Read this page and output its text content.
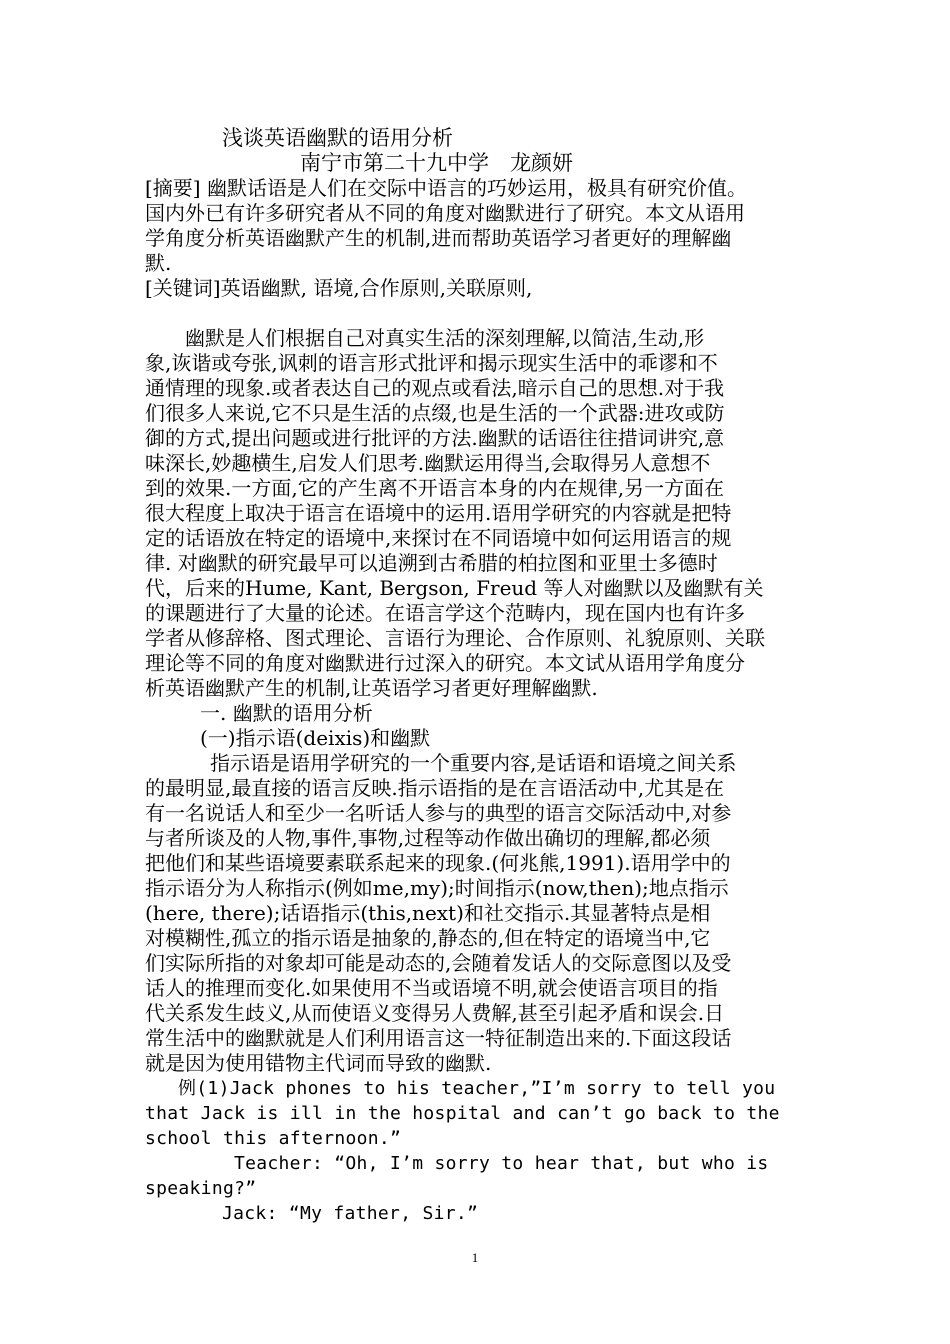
浅谈英语幽默的语用分析
南宁市第二十九中学　龙颜妍
[摘要] 幽默话语是人们在交际中语言的巧妙运用，极具有研究价值。
国内外已有许多研究者从不同的角度对幽默进行了研究。本文从语用
学角度分析英语幽默产生的机制,进而帮助英语学习者更好的理解幽
默.
[关键词]英语幽默, 语境,合作原则,关联原则,
　　幽默是人们根据自己对真实生活的深刻理解,以简洁,生动,形
象,诙谐或夸张,讽刺的语言形式批评和揭示现实生活中的乖谬和不
通情理的现象.或者表达自己的观点或看法,暗示自己的思想.对于我
们很多人来说,它不只是生活的点缀,也是生活的一个武器:进攻或防
御的方式,提出问题或进行批评的方法.幽默的话语往往措词讲究,意
味深长,妙趣横生,启发人们思考.幽默运用得当,会取得另人意想不
到的效果.一方面,它的产生离不开语言本身的内在规律,另一方面在
很大程度上取决于语言在语境中的运用.语用学研究的内容就是把特
定的话语放在特定的语境中,来探讨在不同语境中如何运用语言的规
律. 对幽默的研究最早可以追溯到古希腊的柏拉图和亚里士多德时
代，后来的Hume, Kant, Bergson, Freud 等人对幽默以及幽默有关
的课题进行了大量的论述。在语言学这个范畴内，现在国内也有许多
学者从修辞格、图式理论、言语行为理论、合作原则、礼貌原则、关联
理论等不同的角度对幽默进行过深入的研究。本文试从语用学角度分
析英语幽默产生的机制,让英语学习者更好理解幽默.
一. 幽默的语用分析
(一)指示语(deixis)和幽默
　指示语是语用学研究的一个重要内容,是话语和语境之间关系
的最明显,最直接的语言反映.指示语指的是在言语活动中,尤其是在
有一名说话人和至少一名听话人参与的典型的语言交际活动中,对参
与者所谈及的人物,事件,事物,过程等动作做出确切的理解,都必须
把他们和某些语境要素联系起来的现象.(何兆熊,1991).语用学中的
指示语分为人称指示(例如me,my);时间指示(now,then);地点指示
(here, there);话语指示(this,next)和社交指示.其显著特点是相
对模糊性,孤立的指示语是抽象的,静态的,但在特定的语境当中,它
们实际所指的对象却可能是动态的,会随着发话人的交际意图以及受
话人的推理而变化.如果使用不当或语境不明,就会使语言项目的指
代关系发生歧义,从而使语义变得另人费解,甚至引起矛盾和误会.日
常生活中的幽默就是人们利用语言这一特征制造出来的.下面这段话
就是因为使用错物主代词而导致的幽默.
例(1)Jack phones to his teacher,”I’m sorry to tell you
that Jack is ill in the hospital and can’t go back to the
school this afternoon.”
Teacher: “Oh, I’m sorry to hear that, but who is
speaking?”
Jack: “My father, Sir.”
1
